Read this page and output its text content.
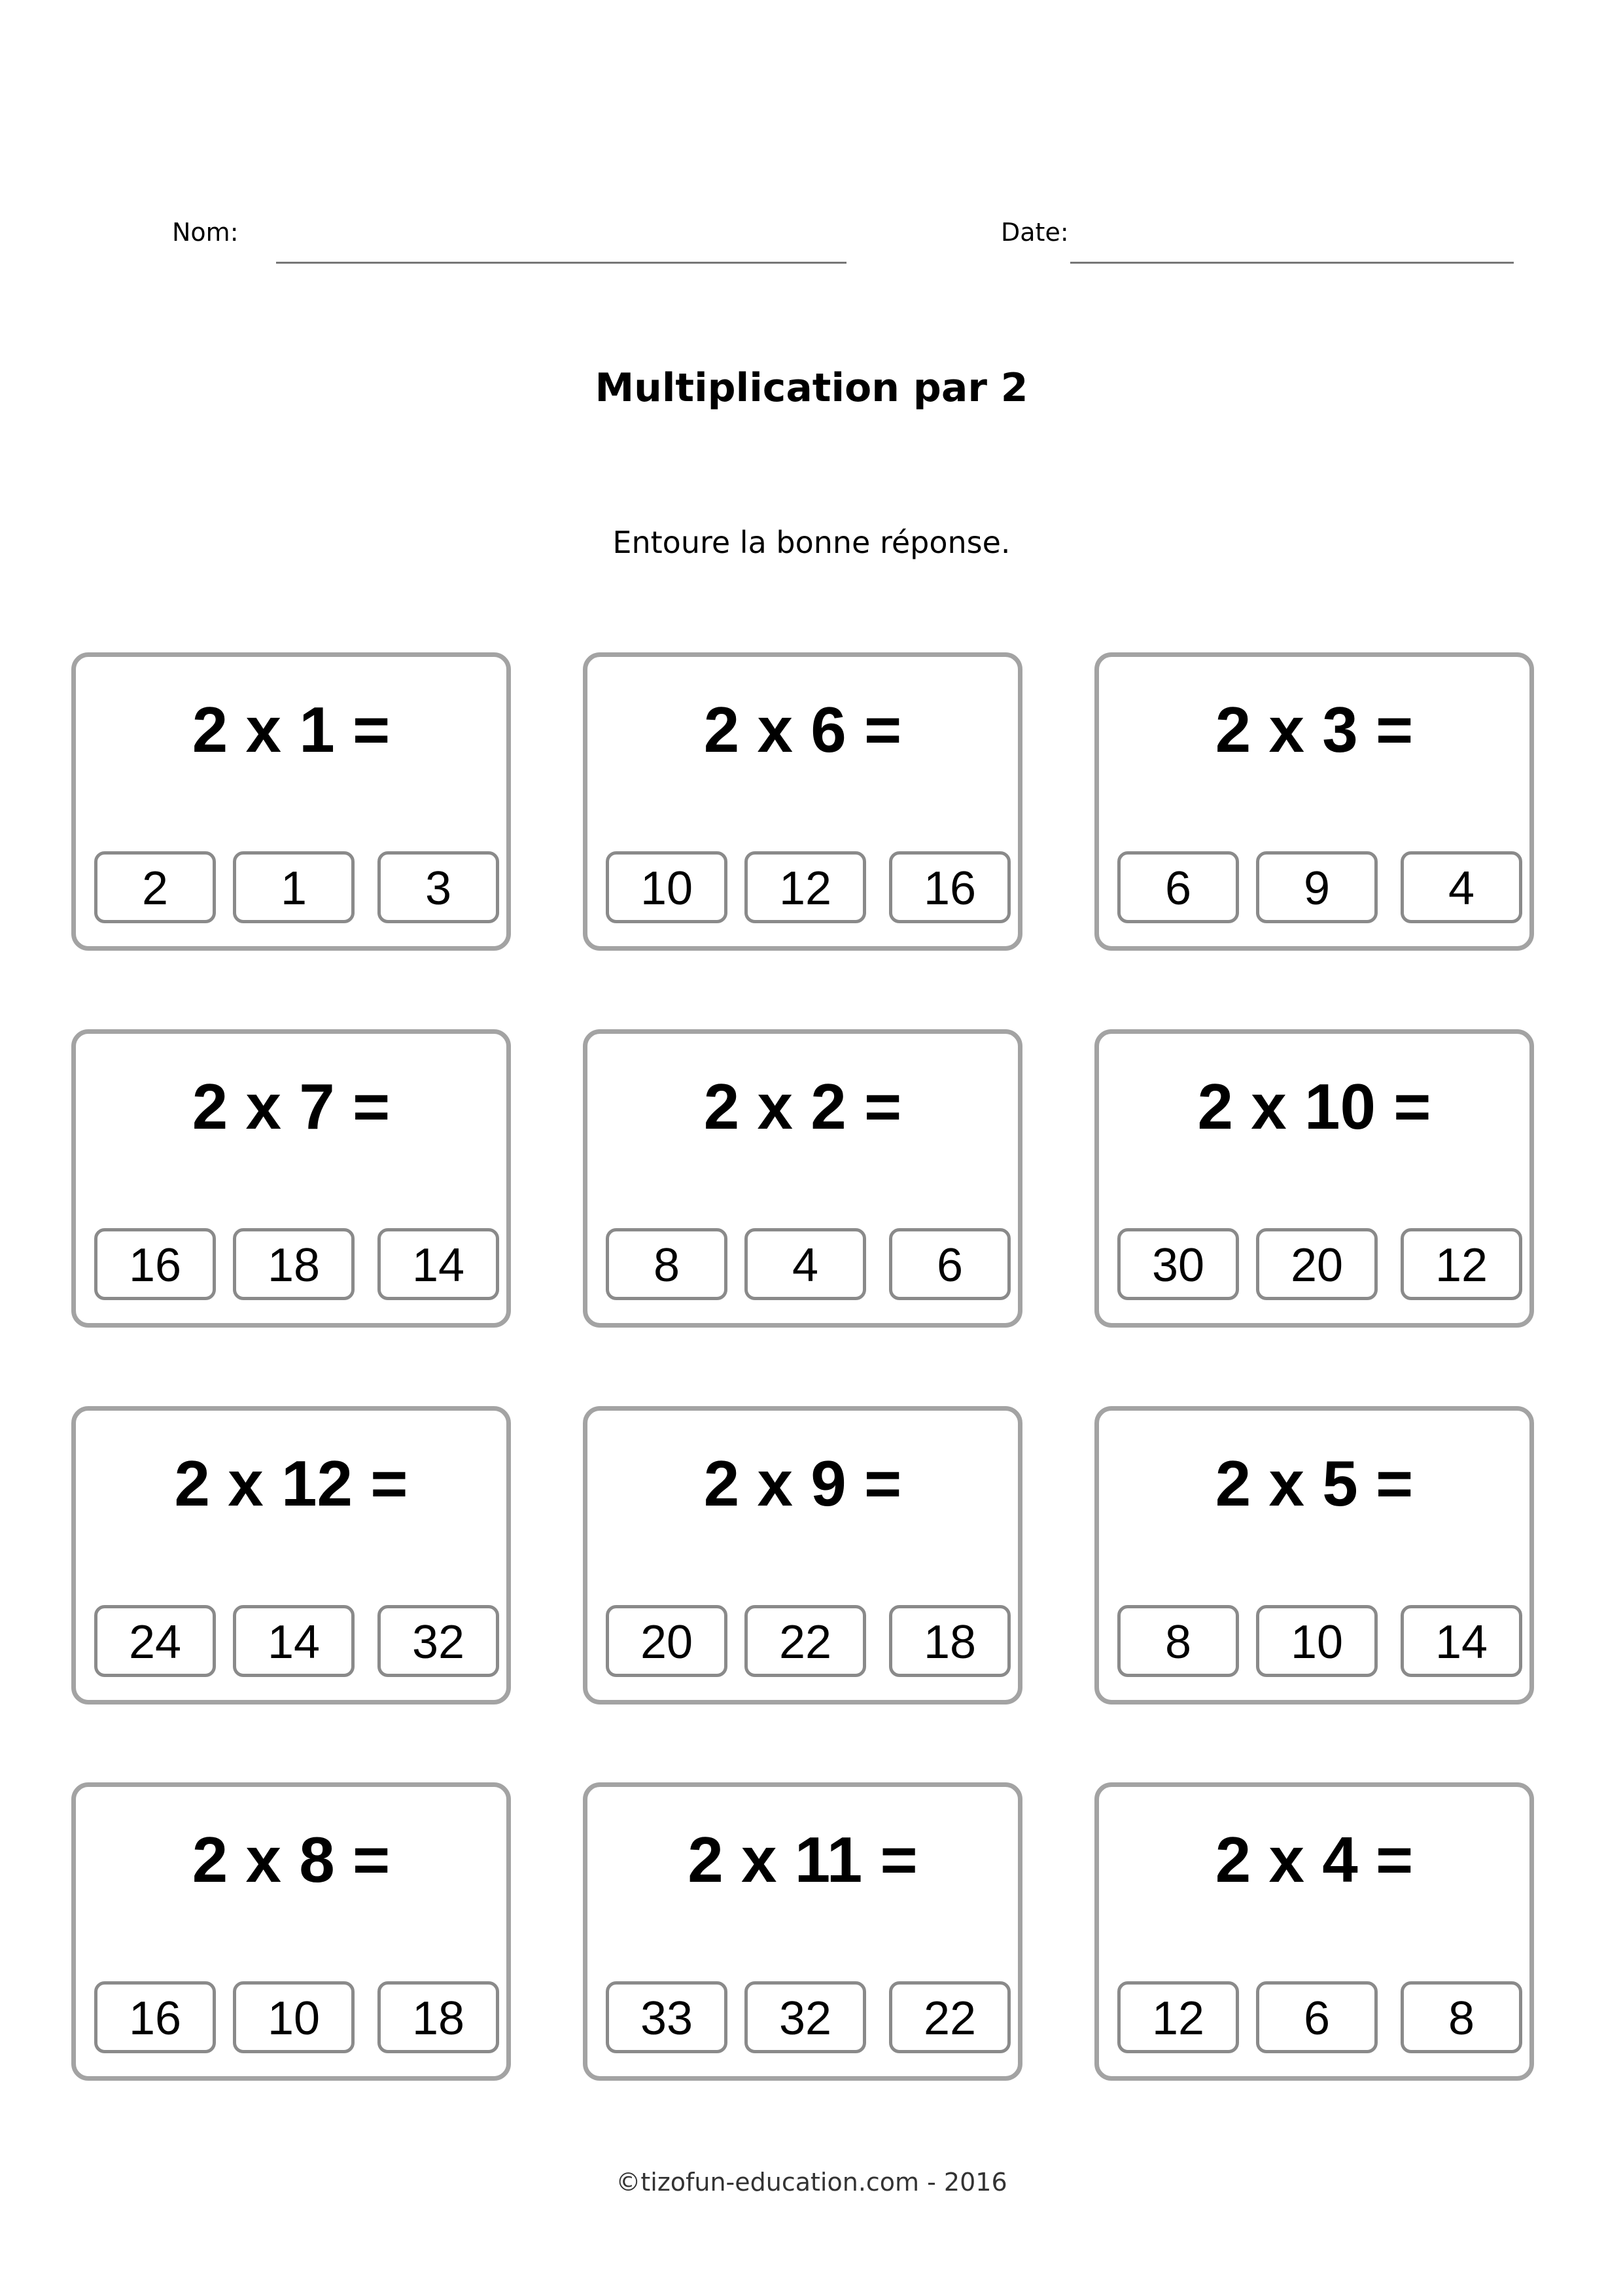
Nom:	Date:
Multiplication par 2
Entoure la bonne réponse.
2 x 1 =
2	1	3
2 x 6 =
10	12	16
2 x 3 =
6	9	4
2 x 7 =
16	18	14
2 x 2 =
8	4	6
2 x 10 =
30	20	12
2 x 12 =
24	14	32
2 x 9 =
20	22	18
2 x 5 =
8	10	14
2 x 8 =
16	10	18
2 x 11 =
33	32	22
2 x 4 =
12	6	8
©tizofun-education.com - 2016
